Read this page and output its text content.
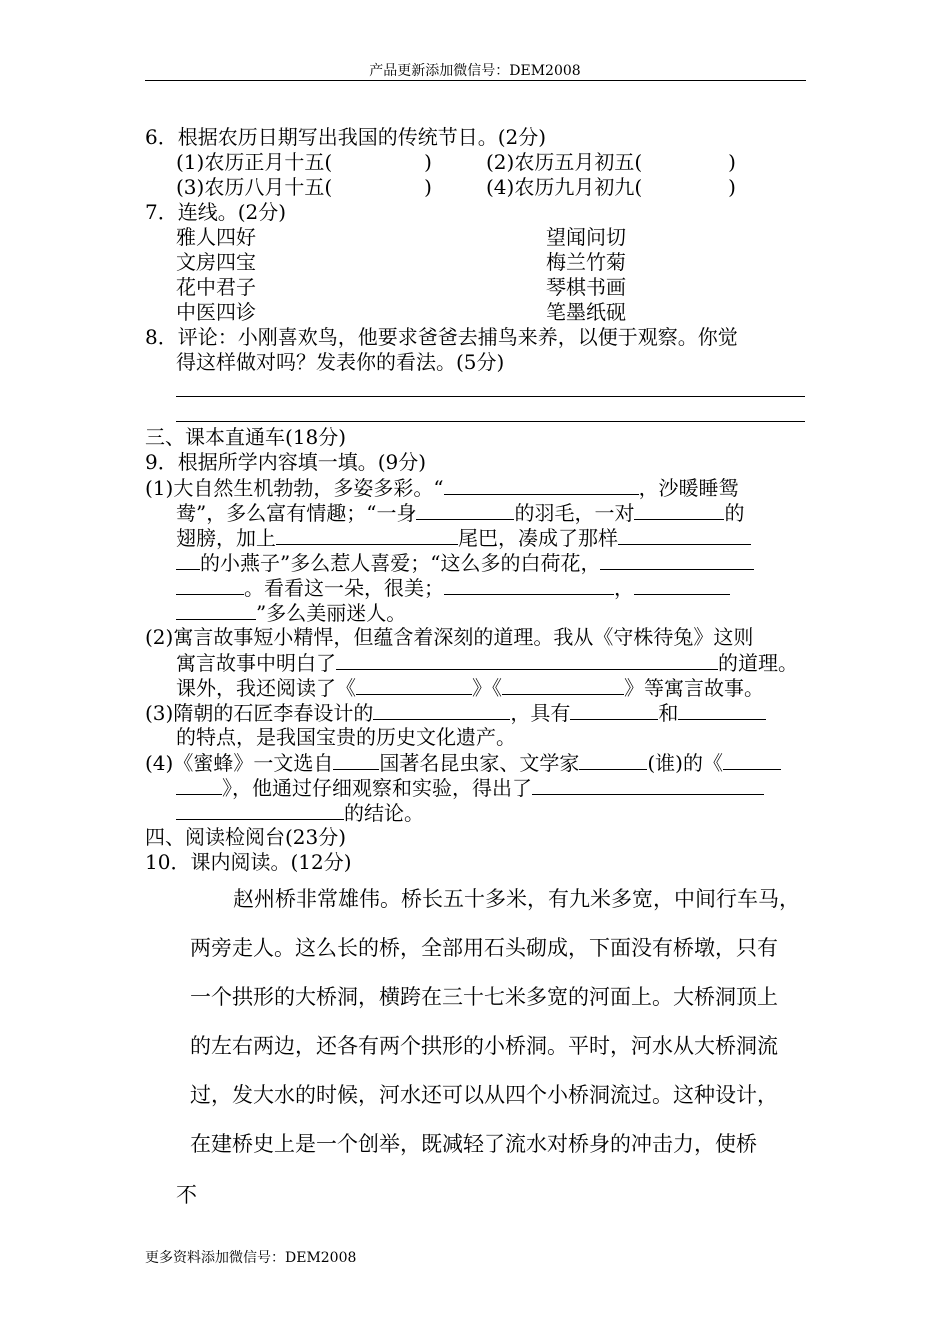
产品更新添加微信号：DEM2008
6．根据农历日期写出我国的传统节日。(2分)
(1)农历正月十五(	)	(2)农历五月初五(	)
(3)农历八月十五(	)	(4)农历九月初九(	)
7．连线。(2分)
雅人四好	望闻问切
文房四宝	梅兰竹菊
花中君子	琴棋书画
中医四诊	笔墨纸砚
8．评论：小刚喜欢鸟，他要求爸爸去捕鸟来养，以便于观察。你觉
得这样做对吗？发表你的看法。(5分)
三、课本直通车(18分)
9．根据所学内容填一填。(9分)
(1)大自然生机勃勃，多姿多彩。“	，沙暖睡鸳
鸯”，多么富有情趣；“一身	的羽毛，一对	的
翅膀，加上	尾巴，凑成了那样
的小燕子”多么惹人喜爱；“这么多的白荷花，
。看看这一朵，很美；	，
”多么美丽迷人。
(2)寓言故事短小精悍，但蕴含着深刻的道理。我从《守株待兔》这则
寓言故事中明白了	的道理。
课外，我还阅读了《	》《	》等寓言故事。
(3)隋朝的石匠李春设计的	，具有	和
的特点，是我国宝贵的历史文化遗产。
(4)《蜜蜂》一文选自 国著名昆虫家、文学家	(谁)的《
》，他通过仔细观察和实验，得出了
的结论。
四、阅读检阅台(23分)
10．课内阅读。(12分)
赵州桥非常雄伟。桥长五十多米，有九米多宽，中间行车马，
两旁走人。这么长的桥，全部用石头砌成，下面没有桥墩，只有
一个拱形的大桥洞，横跨在三十七米多宽的河面上。大桥洞顶上
的左右两边，还各有两个拱形的小桥洞。平时，河水从大桥洞流
过，发大水的时候，河水还可以从四个小桥洞流过。这种设计，
在建桥史上是一个创举，既减轻了流水对桥身的冲击力，使桥
不
更多资料添加微信号：DEM2008
